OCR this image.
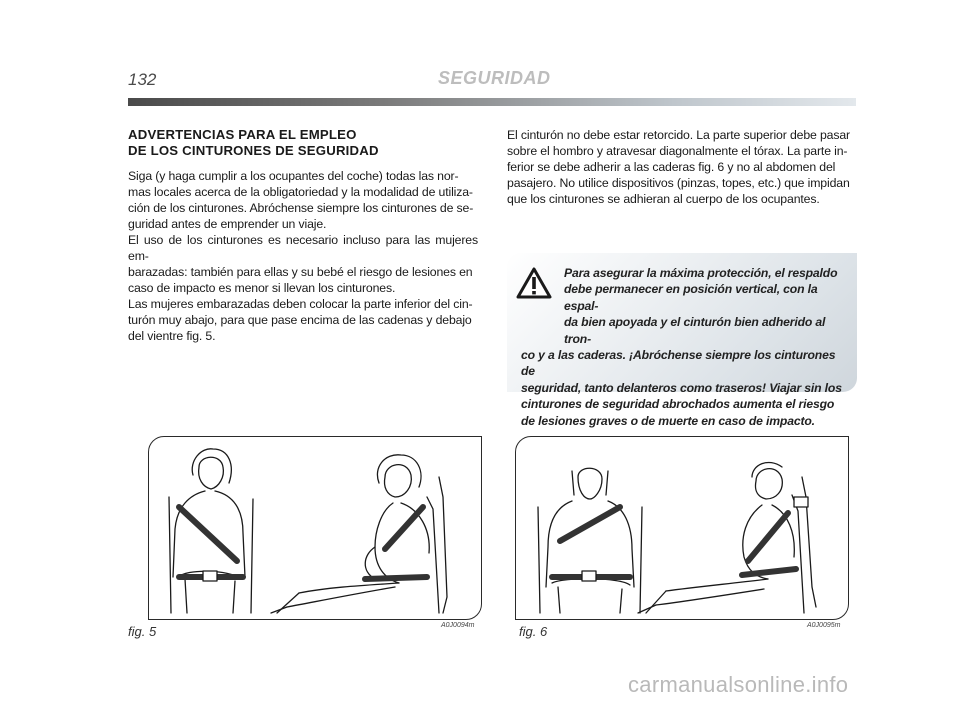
132	SEGURIDAD
ADVERTENCIAS PARA EL EMPLEO
DE LOS CINTURONES DE SEGURIDAD

Siga (y haga cumplir a los ocupantes del coche) todas las nor-
mas locales acerca de la obligatoriedad y la modalidad de utiliza-
ción de los cinturones. Abróchense siempre los cinturones de se-
guridad antes de emprender un viaje.
El uso de los cinturones es necesario incluso para las mujeres em-
barazadas: también para ellas y su bebé el riesgo de lesiones en
caso de impacto es menor si llevan los cinturones.
Las mujeres embarazadas deben colocar la parte inferior del cin-
turón muy abajo, para que pase encima de las cadenas y debajo
del vientre fig. 5.

El cinturón no debe estar retorcido. La parte superior debe pasar
sobre el hombro y atravesar diagonalmente el tórax. La parte in-
ferior se debe adherir a las caderas fig. 6 y no al abdomen del
pasajero. No utilice dispositivos (pinzas, topes, etc.) que impidan
que los cinturones se adhieran al cuerpo de los ocupantes.

Para asegurar la máxima protección, el respaldo
debe permanecer en posición vertical, con la espal-
da bien apoyada y el cinturón bien adherido al tron-
co y a las caderas. ¡Abróchense siempre los cinturones de
seguridad, tanto delanteros como traseros! Viajar sin los
cinturones de seguridad abrochados aumenta el riesgo
de lesiones graves o de muerte en caso de impacto.
fig. 5	A0J0094m	fig. 6	A0J0095m
carmanualsonline.info
